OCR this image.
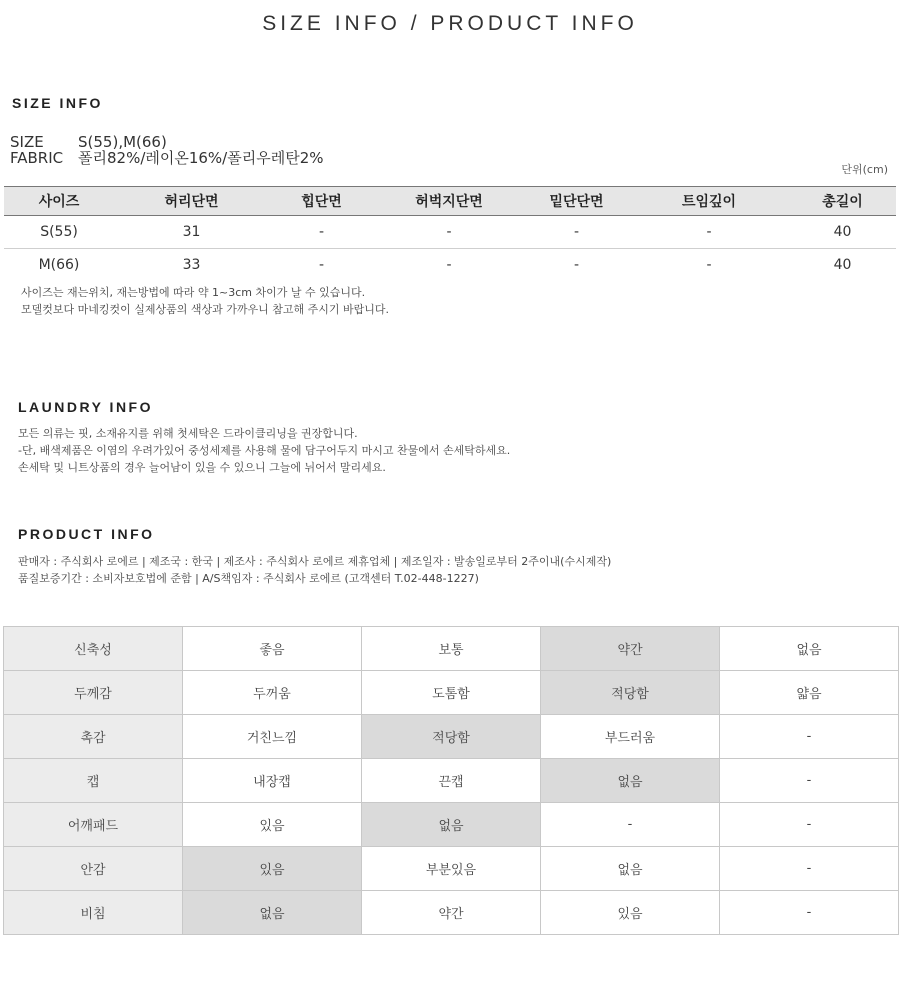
SIZE INFO / PRODUCT INFO
SIZE INFO
SIZE S(55),M(66)
FABRIC 폴리82%/레이온16%/폴리우레탄2%
단위(cm)
사이즈	허리단면	힙단면	허벅지단면	밑단단면	트임깊이	총길이
S(55)	31	-	-	-	-	40
M(66)	33	-	-	-	-	40
사이즈는 재는위치, 재는방법에 따라 약 1~3cm 차이가 날 수 있습니다.
모델컷보다 마네킹컷이 실제상품의 색상과 가까우니 참고해 주시기 바랍니다.
LAUNDRY INFO
모든 의류는 핏, 소재유지를 위해 첫세탁은 드라이클리닝을 권장합니다.
-단, 배색제품은 이염의 우려가있어 중성세제를 사용해 물에 담구어두지 마시고 찬물에서 손세탁하세요.
손세탁 및 니트상품의 경우 늘어남이 있을 수 있으니 그늘에 뉘어서 말리세요.
PRODUCT INFO
판매자 : 주식회사 로에르 | 제조국 : 한국 | 제조사 : 주식회사 로에르 제휴업체 | 제조일자 : 발송일로부터 2주이내(수시제작)
품질보증기간 : 소비자보호법에 준함 | A/S책임자 : 주식회사 로에르 (고객센터 T.02-448-1227)
신축성	좋음	보통	약간	없음
두께감	두꺼움	도톰함	적당함	얇음
촉감	거친느낌	적당함	부드러움	-
캡	내장캡	끈캡	없음	-
어깨패드	있음	없음	-	-
안감	있음	부분있음	없음	-
비침	없음	약간	있음	-
